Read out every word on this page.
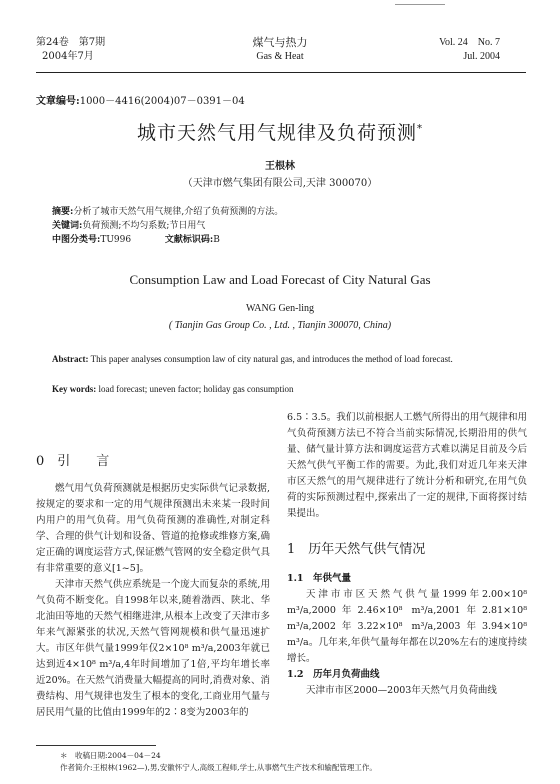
第24卷　第7期
2004年7月
煤气与热力
Gas & Heat
Vol. 24　No. 7
Jul. 2004
文章编号:1000－4416(2004)07－0391－04
城市天然气用气规律及负荷预测*
王根林
（天津市燃气集团有限公司,天津 300070）
摘要:分析了城市天然气用气规律,介绍了负荷预测的方法。
关键词:负荷预测;不均匀系数;节日用气
中图分类号:TU996	文献标识码:B
Consumption Law and Load Forecast of City Natural Gas
WANG Gen-ling
( Tianjin Gas Group Co. , Ltd. , Tianjin 300070, China)
Abstract: This paper analyses consumption law of city natural gas, and introduces the method of load forecast.
Key words: load forecast; uneven factor; holiday gas consumption
0　引　　言

燃气用气负荷预测就是根据历史实际供气记录数据,按规定的要求和一定的用气规律预测出未来某一段时间内用户的用气负荷。用气负荷预测的准确性,对制定科学、合理的供气计划和设备、管道的抢修或维修方案,确定正确的调度运营方式,保证燃气管网的安全稳定供气具有非常重要的意义[1~5]。

天津市天然气供应系统是一个庞大而复杂的系统,用气负荷不断变化。自1998年以来,随着渤西、陕北、华北油田等地的天然气相继进津,从根本上改变了天津市多年来气源紧张的状况,天然气管网规模和供气量迅速扩大。市区年供气量1999年仅2×10⁸ m³/a,2003年就已达到近4×10⁸ m³/a,4年时间增加了1倍,平均年增长率近20%。在天然气消费量大幅提高的同时,消费对象、消费结构、用气规律也发生了根本的变化,工商业用气量与居民用气量的比值由1999年的2∶8变为2003年的

6.5∶3.5。我们以前根据人工燃气所得出的用气规律和用气负荷预测方法已不符合当前实际情况,长期沿用的供气量、储气量计算方法和调度运营方式难以满足目前及今后天然气供气平衡工作的需要。为此,我们对近几年来天津市区天然气的用气规律进行了统计分析和研究,在用气负荷的实际预测过程中,探索出了一定的规律,下面将探讨结果提出。

1　历年天然气供气情况

1.1　年供气量

天津市市区天然气供气量1999年2.00×10⁸ m³/a,2000年2.46×10⁸ m³/a,2001年2.81×10⁸ m³/a,2002年3.22×10⁸ m³/a,2003年3.94×10⁸ m³/a。几年来,年供气量每年都在以20%左右的速度持续增长。

1.2　历年月负荷曲线

天津市市区2000—2003年天然气月负荷曲线

＊　收稿日期:2004－04－24
作者简介:王根林(1962—),男,安徽怀宁人,高级工程师,学士,从事燃气生产技术和输配管理工作。
